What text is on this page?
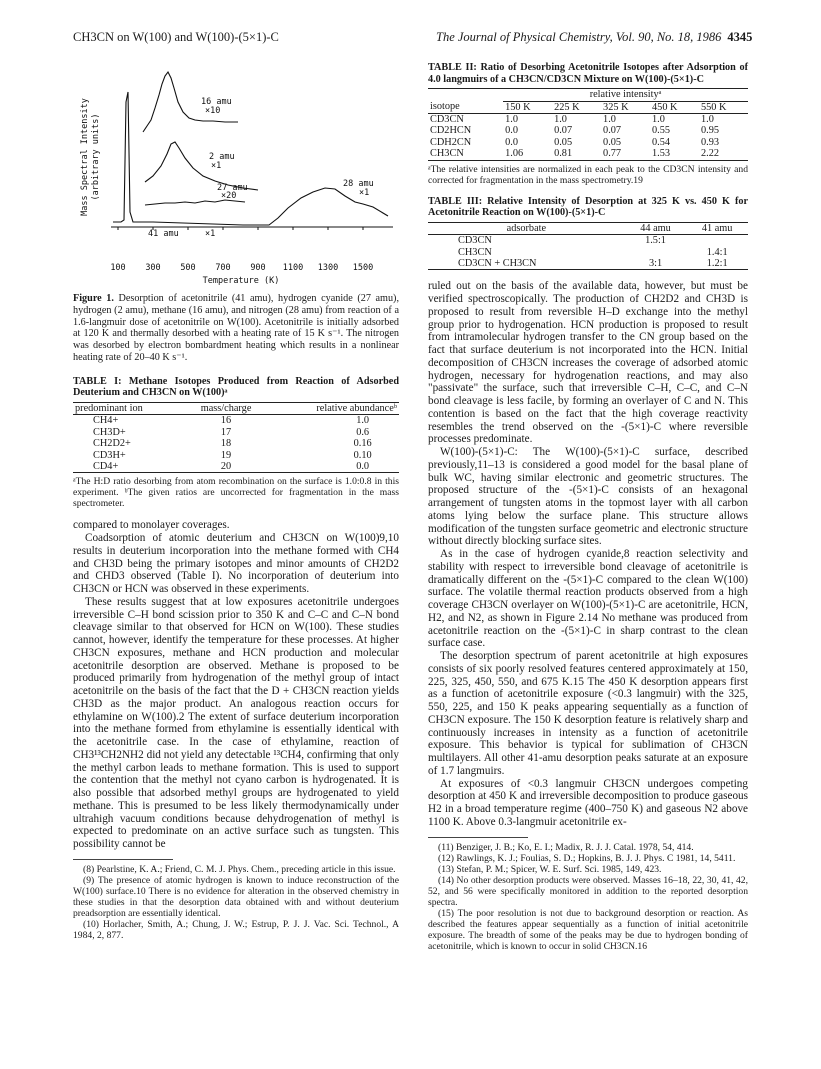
CH3CN on W(100) and W(100)-(5×1)-C	The Journal of Physical Chemistry, Vol. 90, No. 18, 1986 4345
16 amu
×10
2 amu
×1
27 amu
×20
28 amu
×1
41 amu	×1
100 300 500 700 900 1100 1300 1500
Temperature (K)
Mass Spectral Intensity (arbitrary units)
Figure 1. Desorption of acetonitrile (41 amu), hydrogen cyanide (27 amu), hydrogen (2 amu), methane (16 amu), and nitrogen (28 amu) from reaction of a 1.6-langmuir dose of acetonitrile on W(100). Acetonitrile is initially adsorbed at 120 K and thermally desorbed with a heating rate of 15 K s⁻¹. The nitrogen was desorbed by electron bombardment heating which results in a nonlinear heating rate of 20–40 K s⁻¹.
TABLE I: Methane Isotopes Produced from Reaction of Adsorbed Deuterium and CH3CN on W(100)ᵃ
predominant ion	mass/charge	relative abundanceᵇ
CH4+	16	1.0
CH3D+	17	0.6
CH2D2+	18	0.16
CD3H+	19	0.10
CD4+	20	0.0
ᵃThe H:D ratio desorbing from atom recombination on the surface is 1.0:0.8 in this experiment. ᵇThe given ratios are uncorrected for fragmentation in the mass spectrometer.

compared to monolayer coverages.

Coadsorption of atomic deuterium and CH3CN on W(100)9,10 results in deuterium incorporation into the methane formed with CH4 and CH3D being the primary isotopes and minor amounts of CH2D2 and CHD3 observed (Table I). No incorporation of deuterium into CH3CN or HCN was observed in these experiments.

These results suggest that at low exposures acetonitrile undergoes irreversible C–H bond scission prior to 350 K and C–C and C–N bond cleavage similar to that observed for HCN on W(100). These studies cannot, however, identify the temperature for these processes. At higher CH3CN exposures, methane and HCN production and molecular acetonitrile desorption are observed. Methane is proposed to be produced primarily from hydrogenation of the methyl group of intact acetonitrile on the basis of the fact that the D + CH3CN reaction yields CH3D as the major product. An analogous reaction occurs for ethylamine on W(100).2 The extent of surface deuterium incorporation into the methane formed from ethylamine is essentially identical with the acetonitrile case. In the case of ethylamine, reaction of CH3¹³CH2NH2 did not yield any detectable ¹³CH4, confirming that only the methyl carbon leads to methane formation. This is used to support the contention that the methyl not cyano carbon is hydrogenated. It is also possible that adsorbed methyl groups are hydrogenated to yield methane. This is presumed to be less likely thermodynamically under ultrahigh vacuum conditions because dehydrogenation of methyl is expected to predominate on an active surface such as tungsten. This possibility cannot be

(8) Pearlstine, K. A.; Friend, C. M. J. Phys. Chem., preceding article in this issue.

(9) The presence of atomic hydrogen is known to induce reconstruction of the W(100) surface.10 There is no evidence for alteration in the observed chemistry in these studies in that the desorption data obtained with and without deuterium preadsorption are essentially identical.

(10) Horlacher, Smith, A.; Chung, J. W.; Estrup, P. J. J. Vac. Sci. Technol., A 1984, 2, 877.

TABLE II: Ratio of Desorbing Acetonitrile Isotopes after Adsorption of 4.0 langmuirs of a CH3CN/CD3CN Mixture on W(100)-(5×1)-C
	relative intensityᵃ				
isotope	150 K	225 K	325 K	450 K	550 K
CD3CN	1.0	1.0	1.0	1.0	1.0
CD2HCN	0.0	0.07	0.07	0.55	0.95
CDH2CN	0.0	0.05	0.05	0.54	0.93
CH3CN	1.06	0.81	0.77	1.53	2.22
ᵃThe relative intensities are normalized in each peak to the CD3CN intensity and corrected for fragmentation in the mass spectrometry.19
TABLE III: Relative Intensity of Desorption at 325 K vs. 450 K for Acetonitrile Reaction on W(100)-(5×1)-C
adsorbate	44 amu	41 amu
CD3CN	1.5:1	
CH3CN		1.4:1
CD3CN + CH3CN	3:1	1.2:1

ruled out on the basis of the available data, however, but must be verified spectroscopically. The production of CH2D2 and CH3D is proposed to result from reversible H–D exchange into the methyl group prior to hydrogenation. HCN production is proposed to result from intramolecular hydrogen transfer to the CN group based on the fact that surface deuterium is not incorporated into the HCN. Initial decomposition of CH3CN increases the coverage of adsorbed atomic hydrogen, necessary for hydrogenation reactions, and may also "passivate" the surface, such that irreversible C–H, C–C, and C–N bond cleavage is less facile, by forming an overlayer of C and N. This contention is based on the fact that the high coverage reactivity resembles the trend observed on the -(5×1)-C where reversible processes predominate.

W(100)-(5×1)-C: The W(100)-(5×1)-C surface, described previously,11–13 is considered a good model for the basal plane of bulk WC, having similar electronic and geometric structures. The proposed structure of the -(5×1)-C consists of an hexagonal arrangement of tungsten atoms in the topmost layer with all carbon atoms lying below the surface plane. This structure allows modification of the tungsten surface geometric and electronic structure without directly blocking surface sites.

As in the case of hydrogen cyanide,8 reaction selectivity and stability with respect to irreversible bond cleavage of acetonitrile is dramatically different on the -(5×1)-C compared to the clean W(100) surface. The volatile thermal reaction products observed from a high coverage CH3CN overlayer on W(100)-(5×1)-C are acetonitrile, HCN, H2, and N2, as shown in Figure 2.14 No methane was produced from acetonitrile reaction on the -(5×1)-C in sharp contrast to the clean surface case.

The desorption spectrum of parent acetonitrile at high exposures consists of six poorly resolved features centered approximately at 150, 225, 325, 450, 550, and 675 K.15 The 450 K desorption appears first as a function of acetonitrile exposure (<0.3 langmuir) with the 325, 550, 225, and 150 K peaks appearing sequentially as a function of CH3CN exposure. The 150 K desorption feature is relatively sharp and continuously increases in intensity as a function of acetonitrile exposure. This behavior is typical for sublimation of CH3CN multilayers. All other 41-amu desorption peaks saturate at an exposure of 1.7 langmuirs.

At exposures of <0.3 langmuir CH3CN undergoes competing desorption at 450 K and irreversible decomposition to produce gaseous H2 in a broad temperature regime (400–750 K) and gaseous N2 above 1100 K. Above 0.3-langmuir acetonitrile ex-

(11) Benziger, J. B.; Ko, E. I.; Madix, R. J. J. Catal. 1978, 54, 414.

(12) Rawlings, K. J.; Foulias, S. D.; Hopkins, B. J. J. Phys. C 1981, 14, 5411.

(13) Stefan, P. M.; Spicer, W. E. Surf. Sci. 1985, 149, 423.

(14) No other desorption products were observed. Masses 16–18, 22, 30, 41, 42, 52, and 56 were specifically monitored in addition to the reported desorption spectra.

(15) The poor resolution is not due to background desorption or reaction. As described the features appear sequentially as a function of initial acetonitrile exposure. The breadth of some of the peaks may be due to hydrogen bonding of acetonitrile, which is known to occur in solid CH3CN.16
